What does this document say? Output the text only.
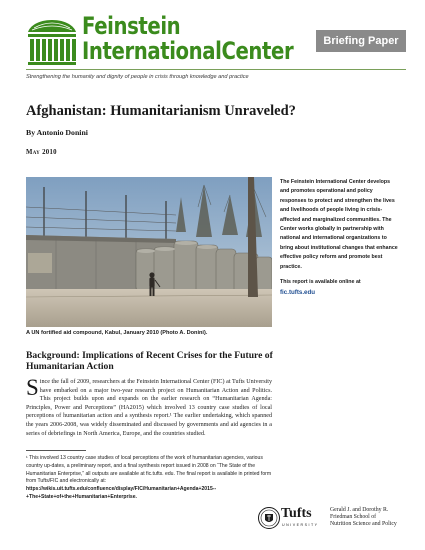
Feinstein
InternationalCenter	Briefing Paper
Strengthening the humanity and dignity of people in crisis through knowledge and practice
Afghanistan: Humanitarianism Unraveled?
By Antonio Donini
May 2010
A UN fortified aid compound, Kabul, January 2010 (Photo A. Donini).

The Feinstein International Center develops and promotes operational and policy responses to protect and strengthen the lives and livelihoods of people living in crisis-affected and marginalized communities. The Center works globally in partnership with national and international organizations to bring about institutional changes that enhance effective policy reform and promote best practice.

This report is available online at
fic.tufts.edu

Background: Implications of Recent Crises for the Future of Humanitarian Action
Since the fall of 2009, researchers at the Feinstein International Center (FIC) at Tufts University have embarked on a major two-year research project on Humanitarian Action and Politics. This project builds upon and expands on the earlier research on “Humanitarian Agenda: Principles, Power and Perceptions” (HA2015) which involved 13 country case studies of local perceptions of humanitarian action and a synthesis report.¹ The earlier undertaking, which spanned the years 2006-2008, was widely disseminated and discussed by governments and aid agencies in a series of debriefings in North America, Europe, and the countries studied.
¹ This involved 13 country case studies of local perceptions of the work of humanitarian agencies, various country up-dates, a preliminary report, and a final synthesis report issued in 2008 on “The State of the Humanitarian Enterprise,” all outputs are available at fic.tufts. edu. The final report is available in printed form from Tufts/FIC and electronically at: https://wikis.uit.tufts.edu/confluence/display/FIC/Humanitarian+Agenda+2015--+The+State+of+the+Humanitarian+Enterprise.
Tufts
UNIVERSITY
Gerald J. and Dorothy R.
Friedman School of
Nutrition Science and Policy
